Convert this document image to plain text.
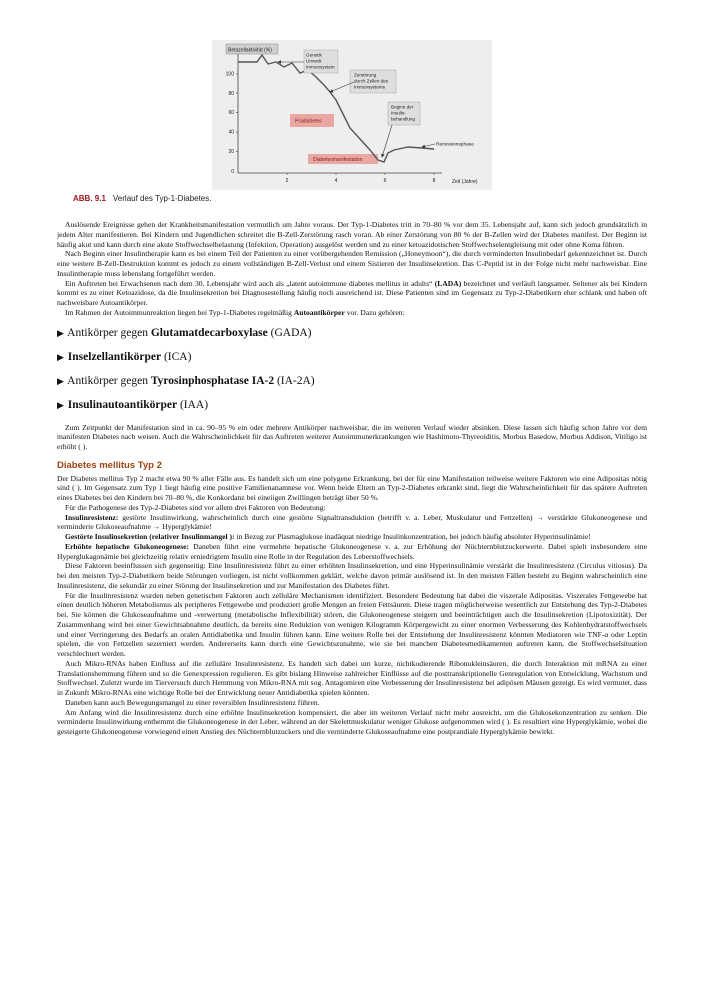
Betazellaktivität (%)
100
80
60
40
20
0
2	4	6	8	Zeit (Jahre)
Prädiabetes
Diabetesmanifestation
Genetik
Umwelt
Immunsystem
Zerstörung
durch Zellen des
Immunsystems
Beginn der
Insulin-
behandlung
Remissionsphase
ABB. 9.1 Verlauf des Typ-1-Diabetes.

Auslösende Ereignisse gehen der Krankheitsmanifestation vermutlich um Jahre voraus. Der Typ-1-Diabetes tritt in 70–80 % vor dem 35. Lebensjahr auf, kann sich jedoch grundsätzlich in jedem Alter manifestieren. Bei Kindern und Jugendlichen schreitet die B-Zell-Zerstörung rasch voran. Ab einer Zerstörung von 80 % der B-Zellen wird der Diabetes manifest. Der Beginn ist häufig akut und kann durch eine akute Stoffwechselbelastung (Infektion, Operation) ausgelöst werden und zu einer ketoazidotischen Stoffwechselentgleisung mit oder ohne Koma führen.

Nach Beginn einer Insulintherapie kann es bei einem Teil der Patienten zu einer vorübergehenden Remission („Honeymoon“), die durch verminderten Insulinbedarf gekennzeichnet ist. Durch eine weitere B-Zell-Destruktion kommt es jedoch zu einem vollständigen B-Zell-Verlust und einem Sistieren der Insulinsekretion. Das C-Peptid ist in der Folge nicht mehr nachweisbar. Eine Insulintherapie muss lebenslang fortgeführt werden.

Ein Auftreten bei Erwachsenen nach dem 30. Lebensjahr wird auch als „latent autoimmune diabetes mellitus in adults“ (LADA) bezeichnet und verläuft langsamer. Seltener als bei Kindern kommt es zu einer Ketoazidose, da die Insulinsekretion bei Diagnosestellung häufig noch ausreichend ist. Diese Patienten sind im Gegensatz zu Typ-2-Diabetikern eher schlank und haben oft nachweisbare Autoantikörper.

Im Rahmen der Autoimmunreaktion liegen bei Typ-1-Diabetes regelmäßig Autoantikörper vor. Dazu gehören:

▶ Antikörper gegen Glutamatdecarboxylase (GADA)
▶ Inselzellantikörper (ICA)
▶ Antikörper gegen Tyrosinphosphatase IA-2 (IA-2A)
▶ Insulinautoantikörper (IAA)

Zum Zeitpunkt der Manifestation sind in ca. 90–95 % ein oder mehrere Antikörper nachweisbar, die im weiteren Verlauf wieder absinken. Diese lassen sich häufig schon Jahre vor dem manifesten Diabetes nach weisen. Auch die Wahrscheinlichkeit für das Auftreten weiterer Autoimmunerkrankungen wie Hashimoto-Thyreoiditis, Morbus Basedow, Morbus Addison, Vitiligo ist erhöht ( ).

Diabetes mellitus Typ 2

Der Diabetes mellitus Typ 2 macht etwa 90 % aller Fälle aus. Es handelt sich um eine polygene Erkrankung, bei der für eine Manifestation teilweise weitere Faktoren wie eine Adipositas nötig sind ( ). Im Gegensatz zum Typ 1 liegt häufig eine positive Familienanamnese vor. Wenn beide Eltern an Typ-2-Diabetes erkrankt sind, liegt die Wahrscheinlichkeit für das spätere Auftreten eines Diabetes bei den Kindern bei 70–80 %, die Konkordanz bei eineiigen Zwillingen beträgt über 50 %.

Für die Pathogenese des Typ-2-Diabetes sind vor allem drei Faktoren von Bedeutung:

Insulinresistenz: gestörte Insulinwirkung, wahrscheinlich durch eine gestörte Signaltransduktion (betrifft v. a. Leber, Muskulatur und Fettzellen) → verstärkte Glukoneogenese und verminderte Glukoseaufnahme → Hyperglykämie!

Gestörte Insulinsekretion (relativer Insulinmangel ): in Bezug zur Plasmaglukose inadäquat niedrige Insulinkonzentration, bei jedoch häufig absoluter Hyperinsulinämie!

Erhöhte hepatische Glukoneogenese: Daneben führt eine vermehrte hepatische Glukoneogenese v. a. zur Erhöhung der Nüchternblutzuckerwerte. Dabei spielt insbesondere eine Hyperglukagonämie bei gleichzeitig relativ erniedrigtem Insulin eine Rolle in der Regulation des Leberstoffwechsels.

Diese Faktoren beeinflussen sich gegenseitig: Eine Insulinresistenz führt zu einer erhöhten Insulinsekretion, und eine Hyperinsulinämie verstärkt die Insulinresistenz (Circulus vitiosus). Da bei den meisten Typ-2-Diabetikern beide Störungen vorliegen, ist nicht vollkommen geklärt, welche davon primär auslösend ist. In den meisten Fällen besteht zu Beginn wahrscheinlich eine Insulinresistenz, die sekundär zu einer Störung der Insulinsekretion und zur Manifestation des Diabetes führt.

Für die Insulinresistenz wurden neben genetischen Faktoren auch zelluläre Mechanismen identifiziert. Besondere Bedeutung hat dabei die viszerale Adipositas. Viszerales Fettgewebe hat einen deutlich höheren Metabolismus als peripheres Fettgewebe und produziert große Mengen an freien Fettsäuren. Diese tragen möglicherweise wesentlich zur Entstehung des Typ-2-Diabetes bei. Sie können die Glukoseaufnahme und -verwertung (metabolische Inflexibilität) stören, die Glukoneogenese steigern und beeinträchtigen auch die Insulinsekretion (Lipotoxizität). Der Zusammenhang wird bei einer Gewichtsabnahme deutlich, da bereits eine Reduktion von wenigen Kilogramm Körpergewicht zu einer enormen Verbesserung des Kohlenhydratstoffwechsels und einer Verringerung des Bedarfs an oralen Antidiabetika und Insulin führen kann. Eine weitere Rolle bei der Entstehung der Insulinresistenz könnten Mediatoren wie TNF-α oder Leptin spielen, die von Fettzellen sezerniert werden. Andererseits kann durch eine Gewichtszunahme, wie sie bei manchen Diabetesmedikamenten auftreten kann, die Stoffwechselsituation verschlechtert werden.

Auch Mikro-RNAs haben Einfluss auf die zelluläre Insulinresistenz. Es handelt sich dabei um kurze, nichtkodierende Ribonukleinsäuren, die durch Interaktion mit mRNA zu einer Translationshemmung führen und so die Genexpression regulieren. Es gibt bislang Hinweise zahlreicher Einflüsse auf die posttranskriptionelle Genregulation von Entwicklung, Wachstum und Stoffwechsel. Zuletzt wurde im Tierversuch durch Hemmung von Mikro-RNA mit sog. Antagomiren eine Verbesserung der Insulinresistenz bei adipösen Mäusen gezeigt. Es wird vermutet, dass in Zukunft Mikro-RNAs eine wichtige Rolle bei der Entwicklung neuer Antidiabetika spielen könnten.

Daneben kann auch Bewegungsmangel zu einer reversiblen Insulinresistenz führen.

Am Anfang wird die Insulinresistenz durch eine erhöhte Insulinsekretion kompensiert, die aber im weiteren Verlauf nicht mehr ausreicht, um die Glukosekonzentration zu senken. Die verminderte Insulinwirkung enthemmt die Glukoneogenese in der Leber, während an der Skelettmuskulatur weniger Glukose aufgenommen wird ( ). Es resultiert eine Hyperglykämie, wobei die gesteigerte Glukoneogenese vorwiegend einen Anstieg des Nüchternblutzuckers und die verminderte Glukoseaufnahme eine postprandiale Hyperglykämie bewirkt.
